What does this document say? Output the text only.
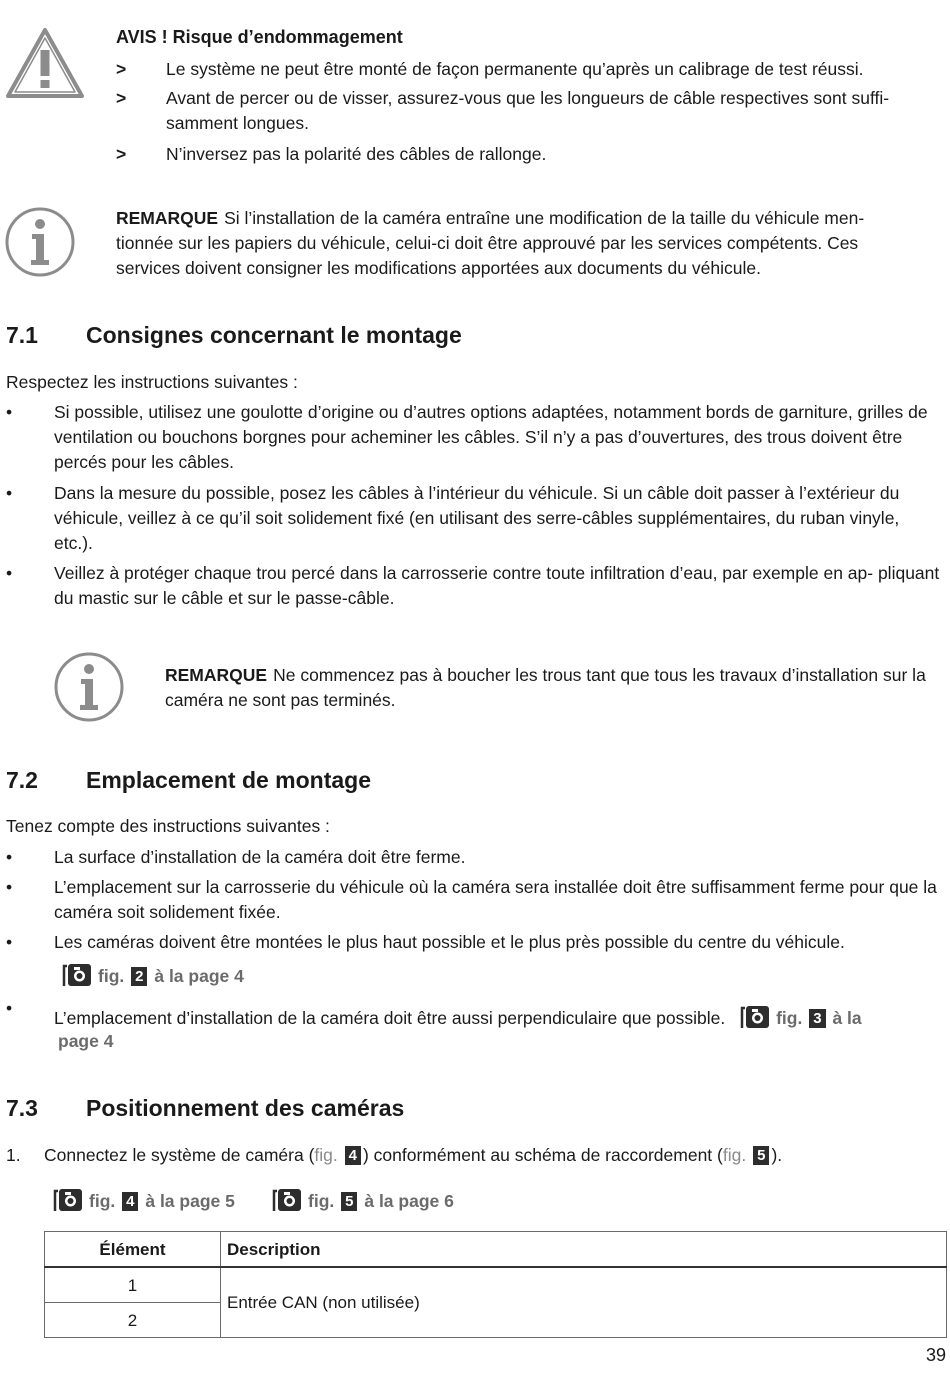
AVIS ! Risque d’endommagement
> Le système ne peut être monté de façon permanente qu’après un calibrage de test réussi.
> Avant de percer ou de visser, assurez-vous que les longueurs de câble respectives sont suffi- samment longues.
> N’inversez pas la polarité des câbles de rallonge.
REMARQUE Si l’installation de la caméra entraîne une modification de la taille du véhicule men- tionnée sur les papiers du véhicule, celui-ci doit être approuvé par les services compétents. Ces services doivent consigner les modifications apportées aux documents du véhicule.
7.1 Consignes concernant le montage
Respectez les instructions suivantes :
• Si possible, utilisez une goulotte d’origine ou d’autres options adaptées, notamment bords de garniture, grilles de ventilation ou bouchons borgnes pour acheminer les câbles. S’il n’y a pas d’ouvertures, des trous doivent être percés pour les câbles.
• Dans la mesure du possible, posez les câbles à l’intérieur du véhicule. Si un câble doit passer à l’extérieur du véhicule, veillez à ce qu’il soit solidement fixé (en utilisant des serre-câbles supplémentaires, du ruban vinyle, etc.).
• Veillez à protéger chaque trou percé dans la carrosserie contre toute infiltration d’eau, par exemple en ap- pliquant du mastic sur le câble et sur le passe-câble.
REMARQUE Ne commencez pas à boucher les trous tant que tous les travaux d’installation sur la caméra ne sont pas terminés.
7.2 Emplacement de montage
Tenez compte des instructions suivantes :
• La surface d’installation de la caméra doit être ferme.
• L’emplacement sur la carrosserie du véhicule où la caméra sera installée doit être suffisamment ferme pour que la caméra soit solidement fixée.
• Les caméras doivent être montées le plus haut possible et le plus près possible du centre du véhicule.
fig. 2 à la page 4
• L’emplacement d’installation de la caméra doit être aussi perpendiculaire que possible.	fig. 3 à la
page 4
7.3 Positionnement des caméras
1. Connectez le système de caméra (fig. 4 ) conformément au schéma de raccordement (fig. 5 ).
fig. 4 à la page 5	fig. 5 à la page 6
Élément	Description
1	Entrée CAN (non utilisée)
2	
39
